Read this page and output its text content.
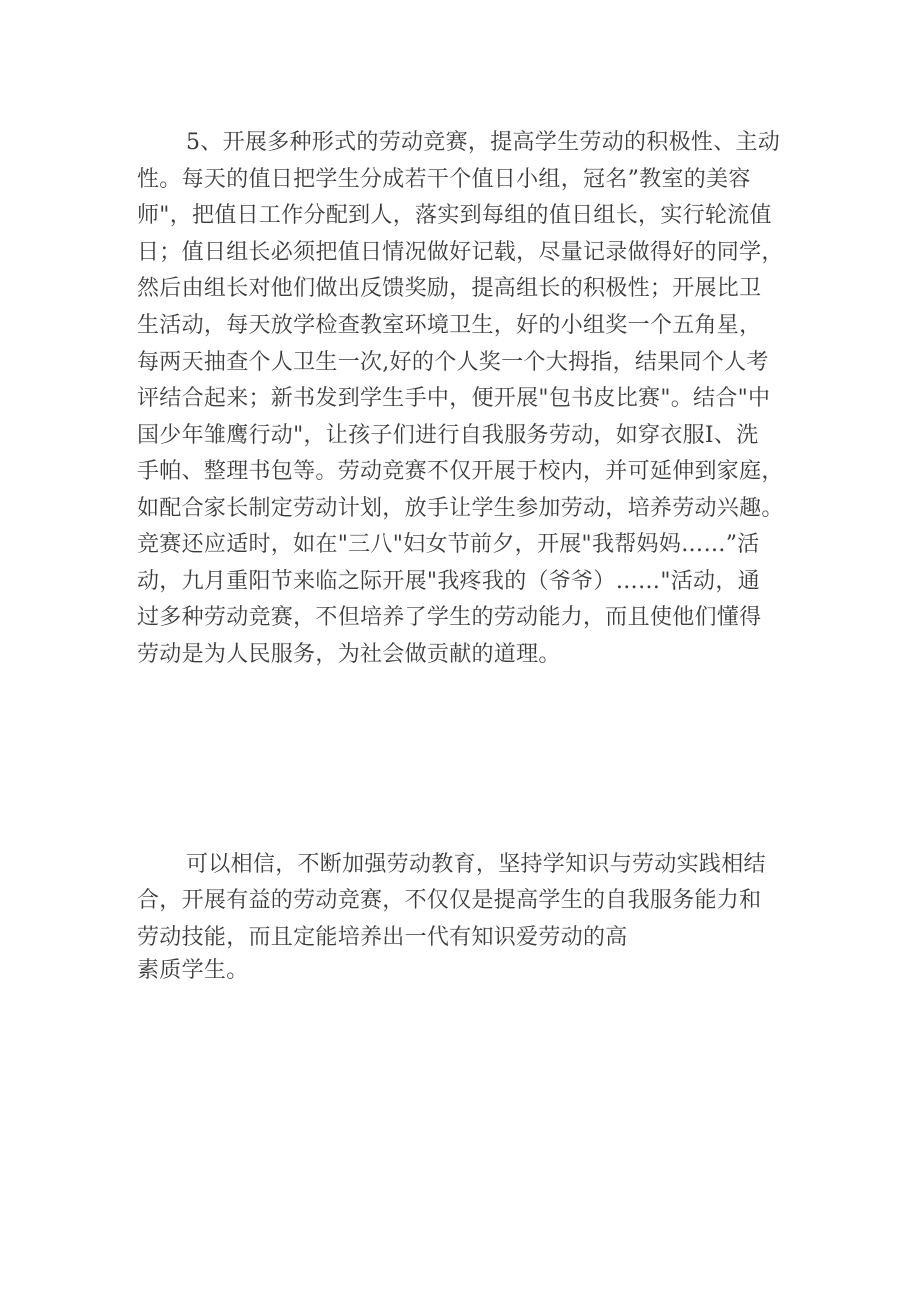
5、开展多种形式的劳动竞赛，提高学生劳动的积极性、主动
性。每天的值日把学生分成若干个值日小组，冠名”教室的美容
师"，把值日工作分配到人，落实到每组的值日组长，实行轮流值
日；值日组长必须把值日情况做好记载，尽量记录做得好的同学，
然后由组长对他们做出反馈奖励，提高组长的积极性；开展比卫
生活动，每天放学检查教室环境卫生，好的小组奖一个五角星，
每两天抽查个人卫生一次,好的个人奖一个大拇指，结果同个人考
评结合起来；新书发到学生手中，便开展"包书皮比赛"。结合"中
国少年雏鹰行动"，让孩子们进行自我服务劳动，如穿衣服Ⅰ、洗
手帕、整理书包等。劳动竞赛不仅开展于校内，并可延伸到家庭，
如配合家长制定劳动计划，放手让学生参加劳动，培养劳动兴趣。
竞赛还应适时，如在"三八"妇女节前夕，开展"我帮妈妈……”活
动，九月重阳节来临之际开展"我疼我的（爷爷）……"活动，通
过多种劳动竞赛，不但培养了学生的劳动能力，而且使他们懂得
劳动是为人民服务，为社会做贡献的道理。
可以相信，不断加强劳动教育，坚持学知识与劳动实践相结
合，开展有益的劳动竞赛，不仅仅是提高学生的自我服务能力和
劳动技能，而且定能培养出一代有知识爱劳动的高
素质学生。
